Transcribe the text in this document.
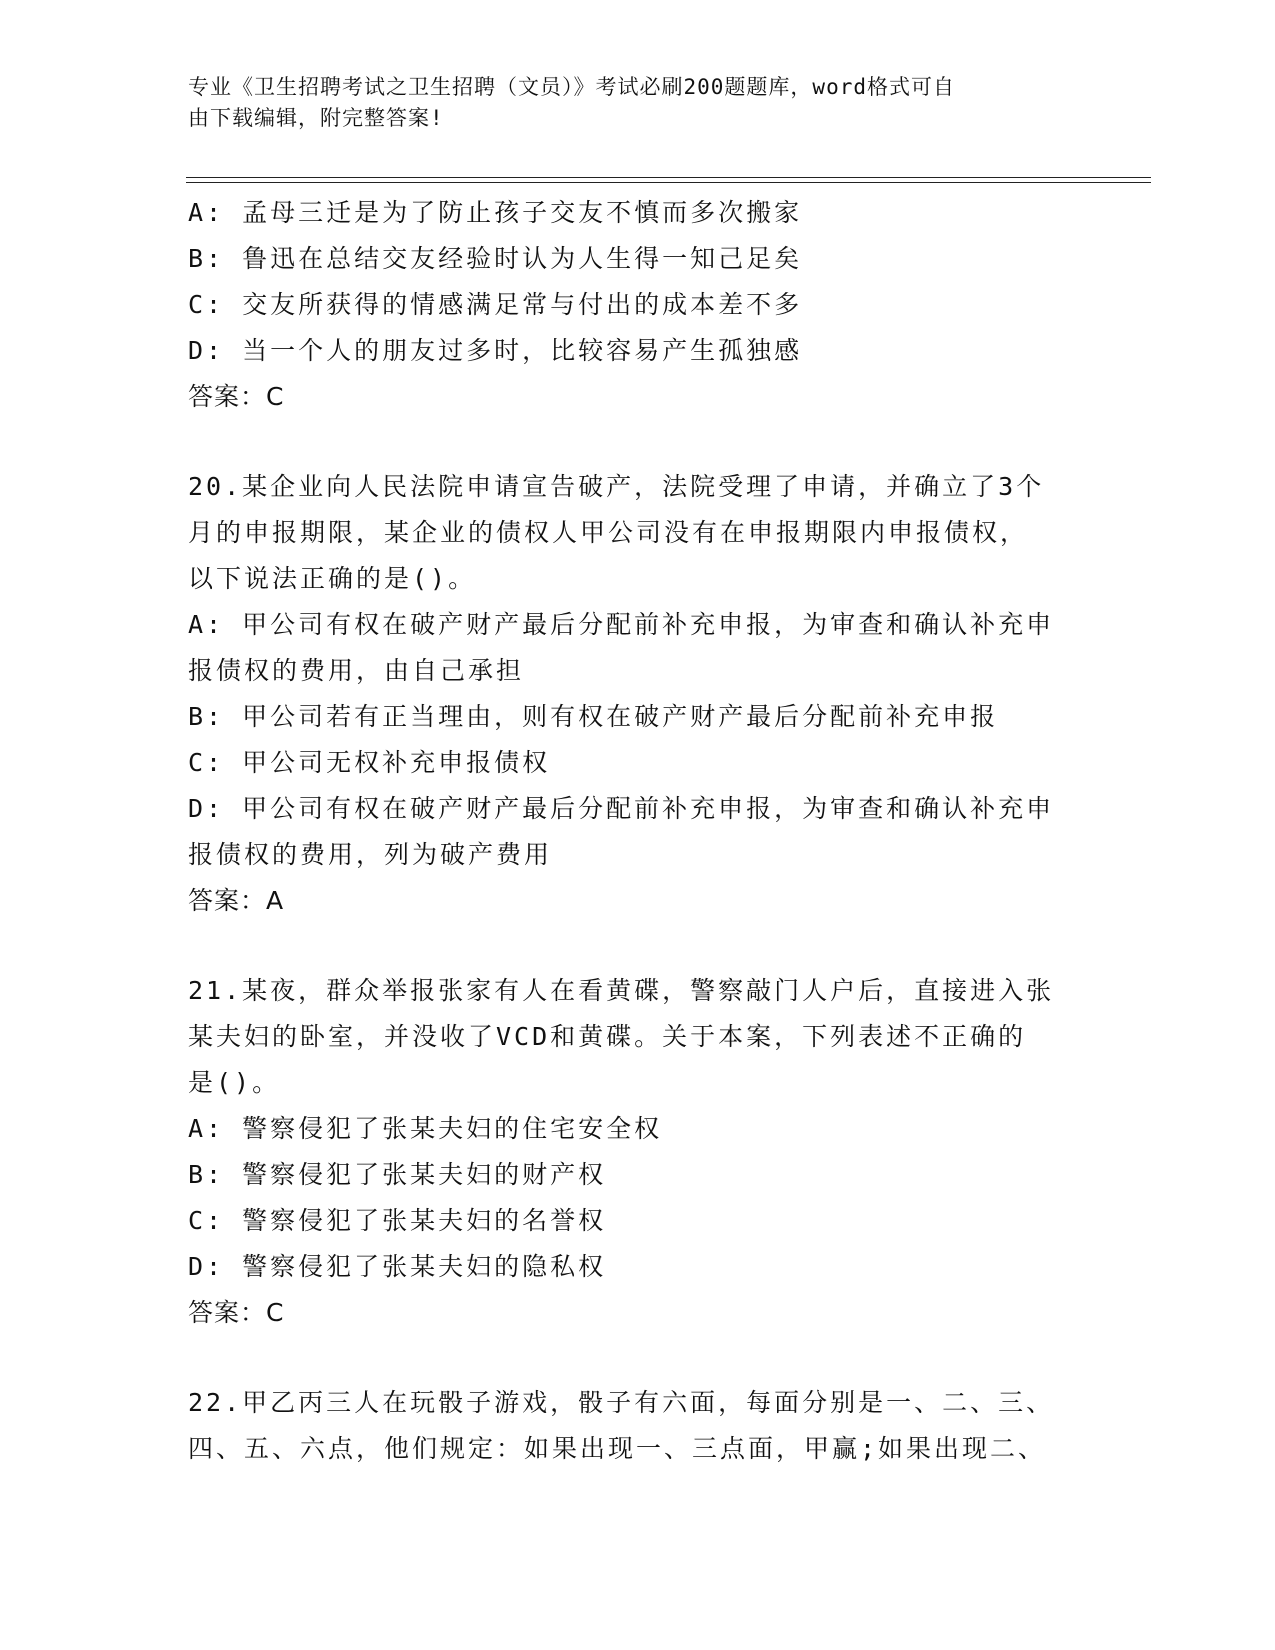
专业《卫生招聘考试之卫生招聘（文员）》考试必刷200题题库，word格式可自
由下载编辑，附完整答案!
A: 孟母三迁是为了防止孩子交友不慎而多次搬家
B: 鲁迅在总结交友经验时认为人生得一知己足矣
C: 交友所获得的情感满足常与付出的成本差不多
D: 当一个人的朋友过多时，比较容易产生孤独感
答案：C
20.某企业向人民法院申请宣告破产，法院受理了申请，并确立了3个
月的申报期限，某企业的债权人甲公司没有在申报期限内申报债权，
以下说法正确的是()。
A: 甲公司有权在破产财产最后分配前补充申报，为审查和确认补充申
报债权的费用，由自己承担
B: 甲公司若有正当理由，则有权在破产财产最后分配前补充申报
C: 甲公司无权补充申报债权
D: 甲公司有权在破产财产最后分配前补充申报，为审查和确认补充申
报债权的费用，列为破产费用
答案：A
21.某夜，群众举报张家有人在看黄碟，警察敲门人户后，直接进入张
某夫妇的卧室，并没收了VCD和黄碟。关于本案，下列表述不正确的
是()。
A: 警察侵犯了张某夫妇的住宅安全权
B: 警察侵犯了张某夫妇的财产权
C: 警察侵犯了张某夫妇的名誉权
D: 警察侵犯了张某夫妇的隐私权
答案：C
22.甲乙丙三人在玩骰子游戏，骰子有六面，每面分别是一、二、三、
四、五、六点，他们规定：如果出现一、三点面，甲赢;如果出现二、
